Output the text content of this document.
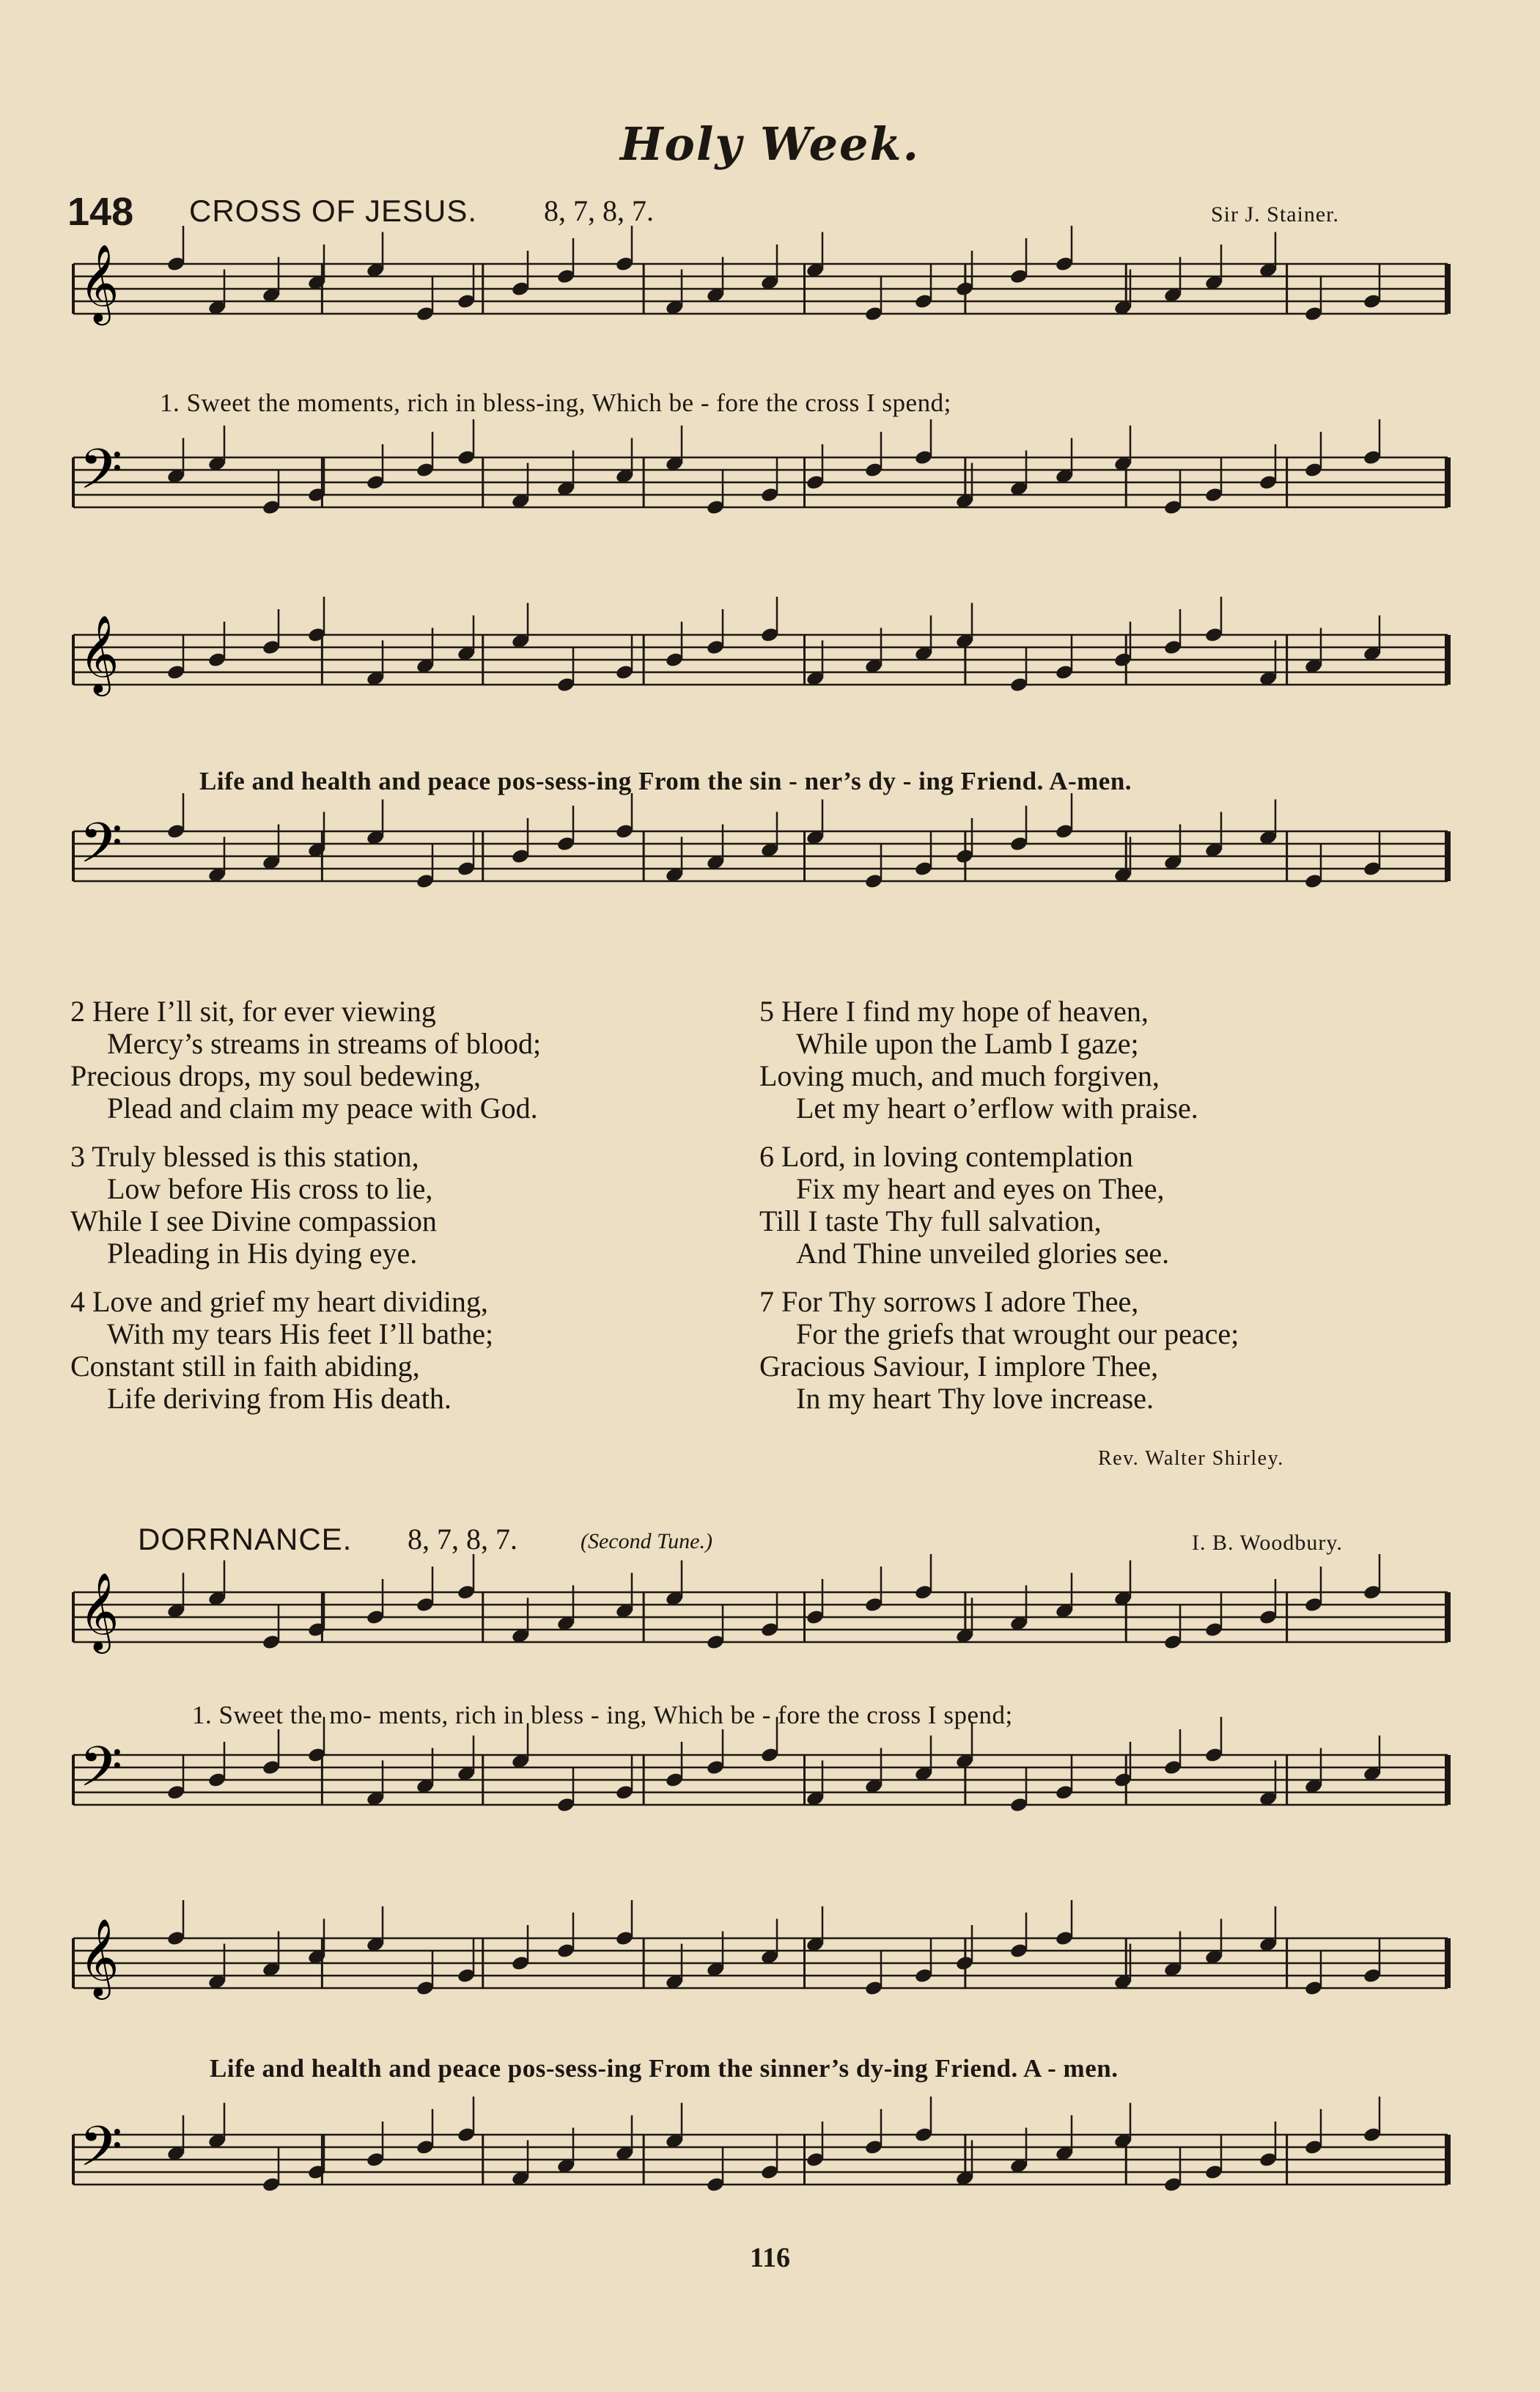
Holy Week.
148 CROSS OF JESUS. 8, 7, 8, 7.	Sir J. Stainer.
𝄞
𝄢
𝄞
𝄢
𝄞
𝄢
𝄞
𝄢
1. Sweet the moments, rich in bless-ing, Which be - fore the cross I spend;
Life and health and peace pos-sess-ing From the sin - ner’s dy - ing Friend. A-men.
2 Here I’ll sit, for ever viewing
Mercy’s streams in streams of blood;
Precious drops, my soul bedewing,
Plead and claim my peace with God.
3 Truly blessed is this station,
Low before His cross to lie,
While I see Divine compassion
Pleading in His dying eye.
4 Love and grief my heart dividing,
With my tears His feet I’ll bathe;
Constant still in faith abiding,
Life deriving from His death.
5 Here I find my hope of heaven,
While upon the Lamb I gaze;
Loving much, and much forgiven,
Let my heart o’erflow with praise.
6 Lord, in loving contemplation
Fix my heart and eyes on Thee,
Till I taste Thy full salvation,
And Thine unveiled glories see.
7 For Thy sorrows I adore Thee,
For the griefs that wrought our peace;
Gracious Saviour, I implore Thee,
In my heart Thy love increase.
Rev. Walter Shirley.
DORRNANCE. 8, 7, 8, 7.	(Second Tune.)	I. B. Woodbury.
1. Sweet the mo- ments, rich in bless - ing, Which be - fore the cross I spend;
Life and health and peace pos-sess-ing From the sinner’s dy-ing Friend. A - men.
116
